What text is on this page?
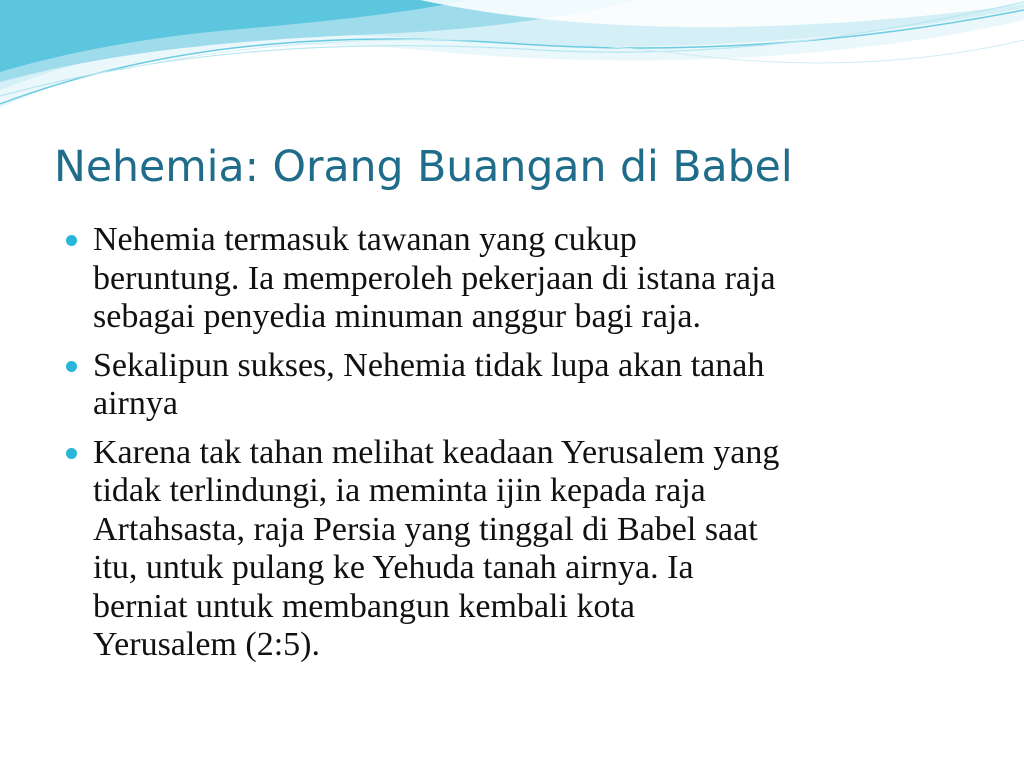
Nehemia: Orang Buangan di Babel
Nehemia termasuk tawanan yang cukup
beruntung. Ia memperoleh pekerjaan di istana raja
sebagai penyedia minuman anggur bagi raja.
Sekalipun sukses, Nehemia tidak lupa akan tanah
airnya
Karena tak tahan melihat keadaan Yerusalem yang
tidak terlindungi, ia meminta ijin kepada raja
Artahsasta, raja Persia yang tinggal di Babel saat
itu, untuk pulang ke Yehuda tanah airnya. Ia
berniat untuk membangun kembali kota
Yerusalem (2:5).
